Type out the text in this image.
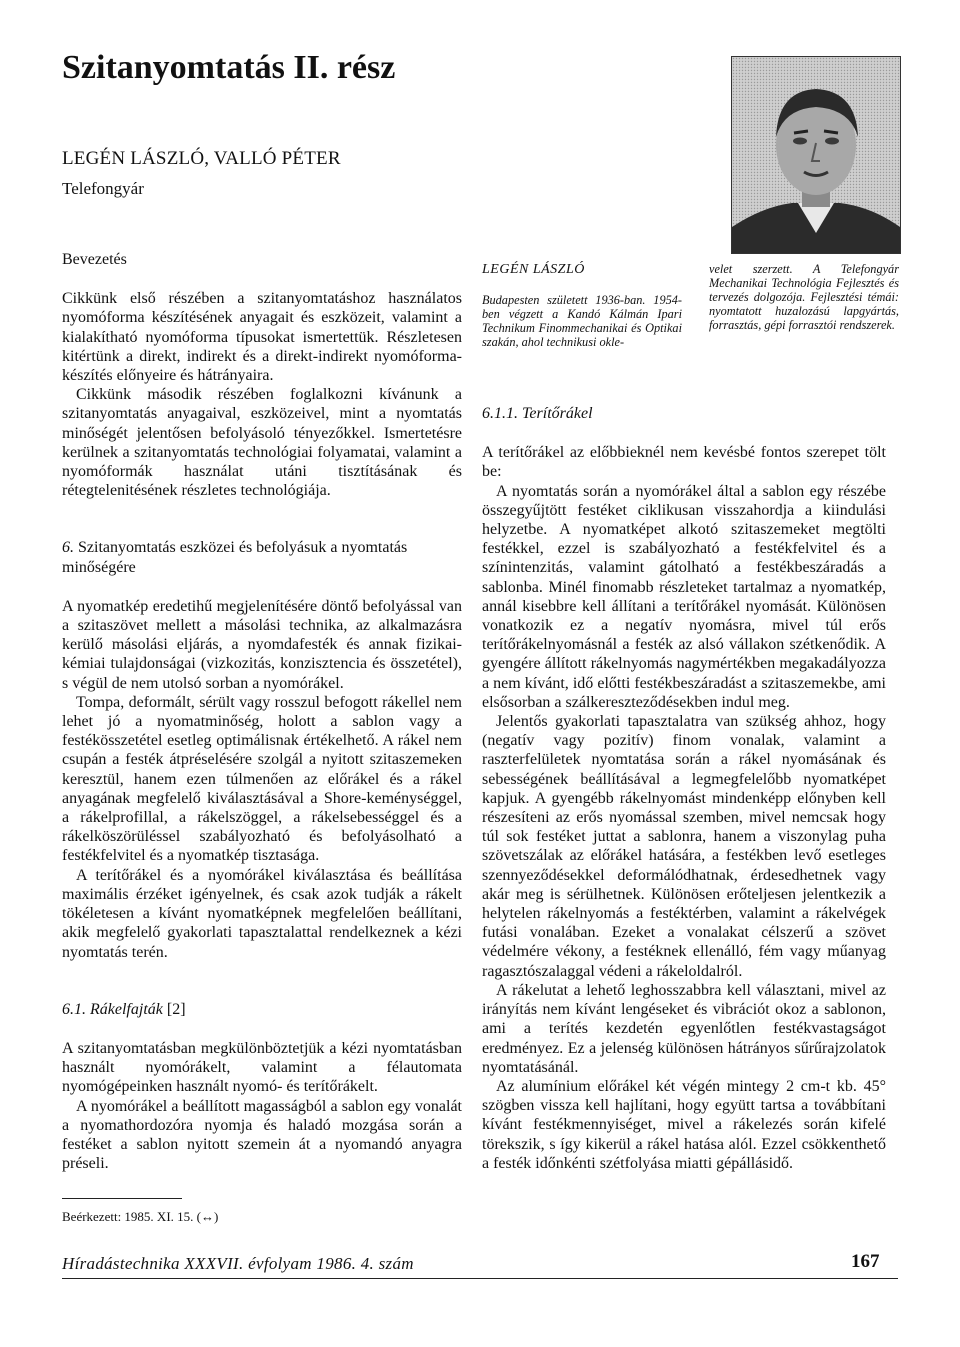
Szitanyomtatás II. rész
LEGÉN LÁSZLÓ, VALLÓ PÉTER
Telefongyár
LEGÉN LÁSZLÓ
Budapesten született 1936-ban. 1954-ben végzett a Kandó Kálmán Ipari Technikum Finommechanikai és Optikai szakán, ahol technikusi okle-
velet szerzett. A Telefongyár Mechanikai Technológia Fejlesztés és tervezés dolgozója. Fejlesztési témái: nyomtatott huzalozású lapgyártás, forrasztás, gépi forrasztói rendszerek.
Bevezetés

Cikkünk első részében a szitanyomtatáshoz használatos nyomóforma készítésének anyagait és eszközeit, valamint a kialakítható nyomóforma típusokat ismertettük. Részletesen kitértünk a direkt, indirekt és a direkt-indirekt nyomóforma-készítés előnyeire és hátrányaira.

Cikkünk második részében foglalkozni kívánunk a szitanyomtatás anyagaival, eszközeivel, mint a nyomtatás minőségét jelentősen befolyásoló tényezőkkel. Ismertetésre kerülnek a szitanyomtatás technológiai folyamatai, valamint a nyomóformák használat utáni tisztításának és rétegtelenitésének részletes technológiája.

6. Szitanyomtatás eszközei és befolyásuk a nyomtatás minőségére

A nyomatkép eredetihű megjelenítésére döntő befolyással van a szitaszövet mellett a másolási technika, az alkalmazásra kerülő másolási eljárás, a nyomdafesték és annak fizikai-kémiai tulajdonságai (vizkozitás, konzisztencia és összetétel), s végül de nem utolsó sorban a nyomórákel.

Tompa, deformált, sérült vagy rosszul befogott rákellel nem lehet jó a nyomatminőség, holott a sablon vagy a festékösszetétel esetleg optimálisnak értékelhető. A rákel nem csupán a festék átpréselésére szolgál a nyitott szitaszemeken keresztül, hanem ezen túlmenően az előrákel és a rákel anyagának megfelelő kiválasztásával a Shore-keménységgel, a rákelprofillal, a rákelszöggel, a rákelsebességgel és a rákelköszörüléssel szabályozható és befolyásolható a festékfelvitel és a nyomatkép tisztasága.

A terítőrákel és a nyomórákel kiválasztása és beállítása maximális érzéket igényelnek, és csak azok tudják a rákelt tökéletesen a kívánt nyomatképnek megfelelően beállítani, akik megfelelő gyakorlati tapasztalattal rendelkeznek a kézi nyomtatás terén.

6.1. Rákelfajták [2]

A szitanyomtatásban megkülönböztetjük a kézi nyomtatásban használt nyomórákelt, valamint a félautomata nyomógépeinken használt nyomó- és terítőrákelt.

A nyomórákel a beállított magasságból a sablon egy vonalát a nyomathordozóra nyomja és haladó mozgása során a festéket a sablon nyitott szemein át a nyomandó anyagra préseli.

6.1.1. Terítőrákel

A terítőrákel az előbbieknél nem kevésbé fontos szerepet tölt be:

A nyomtatás során a nyomórákel által a sablon egy részébe összegyűjtött festéket ciklikusan visszahordja a kiindulási helyzetbe. A nyomatképet alkotó szitaszemeket megtölti festékkel, ezzel is szabályozható a festékfelvitel és a színintenzitás, valamint gátolható a festékbeszáradás a sablonba. Minél finomabb részleteket tartalmaz a nyomatkép, annál kisebbre kell állítani a terítőrákel nyomását. Különösen vonatkozik ez a negatív nyomásra, mivel túl erős terítőrákelnyomásnál a festék az alsó vállakon szétkenődik. A gyengére állított rákelnyomás nagymértékben megakadályozza a nem kívánt, idő előtti festékbeszáradást a szitaszemekbe, ami elsősorban a szálkereszteződésekben indul meg.

Jelentős gyakorlati tapasztalatra van szükség ahhoz, hogy (negatív vagy pozitív) finom vonalak, valamint a raszterfelületek nyomtatása során a rákel nyomásának és sebességének beállításával a legmegfelelőbb nyomatképet kapjuk. A gyengébb rákelnyomást mindenképp előnyben kell részesíteni az erős nyomással szemben, mivel nemcsak hogy túl sok festéket juttat a sablonra, hanem a viszonylag puha szövetszálak az előrákel hatására, a festékben levő esetleges szennyeződésekkel deformálódhatnak, érdesedhetnek vagy akár meg is sérülhetnek. Különösen erőteljesen jelentkezik a helytelen rákelnyomás a festéktérben, valamint a rákelvégek futási vonalában. Ezeket a vonalakat célszerű a szövet védelmére vékony, a festéknek ellenálló, fém vagy műanyag ragasztószalaggal védeni a rákeloldalról.

A rákelutat a lehető leghosszabbra kell választani, mivel az irányítás nem kívánt lengéseket és vibrációt okoz a sablonon, ami a terítés kezdetén egyenlőtlen festékvastagságot eredményez. Ez a jelenség különösen hátrányos sűrűrajzolatok nyomtatásánál.

Az alumínium előrákel két végén mintegy 2 cm-t kb. 45° szögben vissza kell hajlítani, hogy együtt tartsa a továbbítani kívánt festékmennyiséget, mivel a rákelezés során kifelé törekszik, s így kikerül a rákel hatása alól. Ezzel csökkenthető a festék időnkénti szétfolyása miatti gépállásidő.

Beérkezett: 1985. XI. 15. (↔)
Híradástechnika XXXVII. évfolyam 1986. 4. szám	167
